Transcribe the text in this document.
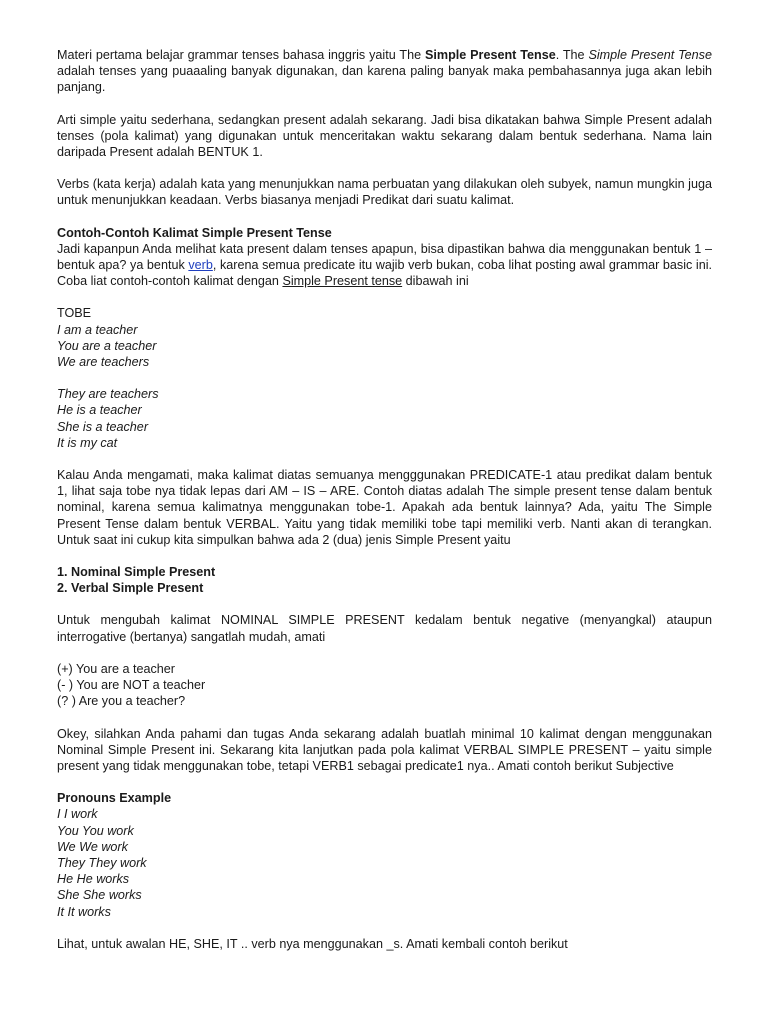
Materi pertama belajar grammar tenses bahasa inggris yaitu The Simple Present Tense. The Simple Present Tense adalah tenses yang puaaaling banyak digunakan, dan karena paling banyak maka pembahasannya juga akan lebih panjang.

Arti simple yaitu sederhana, sedangkan present adalah sekarang. Jadi bisa dikatakan bahwa Simple Present adalah tenses (pola kalimat) yang digunakan untuk menceritakan waktu sekarang dalam bentuk sederhana. Nama lain daripada Present adalah BENTUK 1.

Verbs (kata kerja) adalah kata yang menunjukkan nama perbuatan yang dilakukan oleh subyek, namun mungkin juga untuk menunjukkan keadaan. Verbs biasanya menjadi Predikat dari suatu kalimat.

Contoh-Contoh Kalimat Simple Present Tense

Jadi kapanpun Anda melihat kata present dalam tenses apapun, bisa dipastikan bahwa dia menggunakan bentuk 1 – bentuk apa? ya bentuk verb, karena semua predicate itu wajib verb bukan, coba lihat posting awal grammar basic ini. Coba liat contoh-contoh kalimat dengan Simple Present tense dibawah ini

TOBE
I am a teacher
You are a teacher
We are teachers
They are teachers
He is a teacher
She is a teacher
It is my cat

Kalau Anda mengamati, maka kalimat diatas semuanya mengggunakan PREDICATE-1 atau predikat dalam bentuk 1, lihat saja tobe nya tidak lepas dari AM – IS – ARE. Contoh diatas adalah The simple present tense dalam bentuk nominal, karena semua kalimatnya menggunakan tobe-1. Apakah ada bentuk lainnya? Ada, yaitu The Simple Present Tense dalam bentuk VERBAL. Yaitu yang tidak memiliki tobe tapi memiliki verb. Nanti akan di terangkan. Untuk saat ini cukup kita simpulkan bahwa ada 2 (dua) jenis Simple Present yaitu

1. Nominal Simple Present
2. Verbal Simple Present

Untuk mengubah kalimat NOMINAL SIMPLE PRESENT kedalam bentuk negative (menyangkal) ataupun interrogative (bertanya) sangatlah mudah, amati

(+) You are a teacher
(- ) You are NOT a teacher
(? ) Are you a teacher?

Okey, silahkan Anda pahami dan tugas Anda sekarang adalah buatlah minimal 10 kalimat dengan menggunakan Nominal Simple Present ini. Sekarang kita lanjutkan pada pola kalimat VERBAL SIMPLE PRESENT – yaitu simple present yang tidak menggunakan tobe, tetapi VERB1 sebagai predicate1 nya.. Amati contoh berikut Subjective

Pronouns Example
I I work
You You work
We We work
They They work
He He works
She She works
It It works

Lihat, untuk awalan HE, SHE, IT .. verb nya menggunakan _s. Amati kembali contoh berikut
